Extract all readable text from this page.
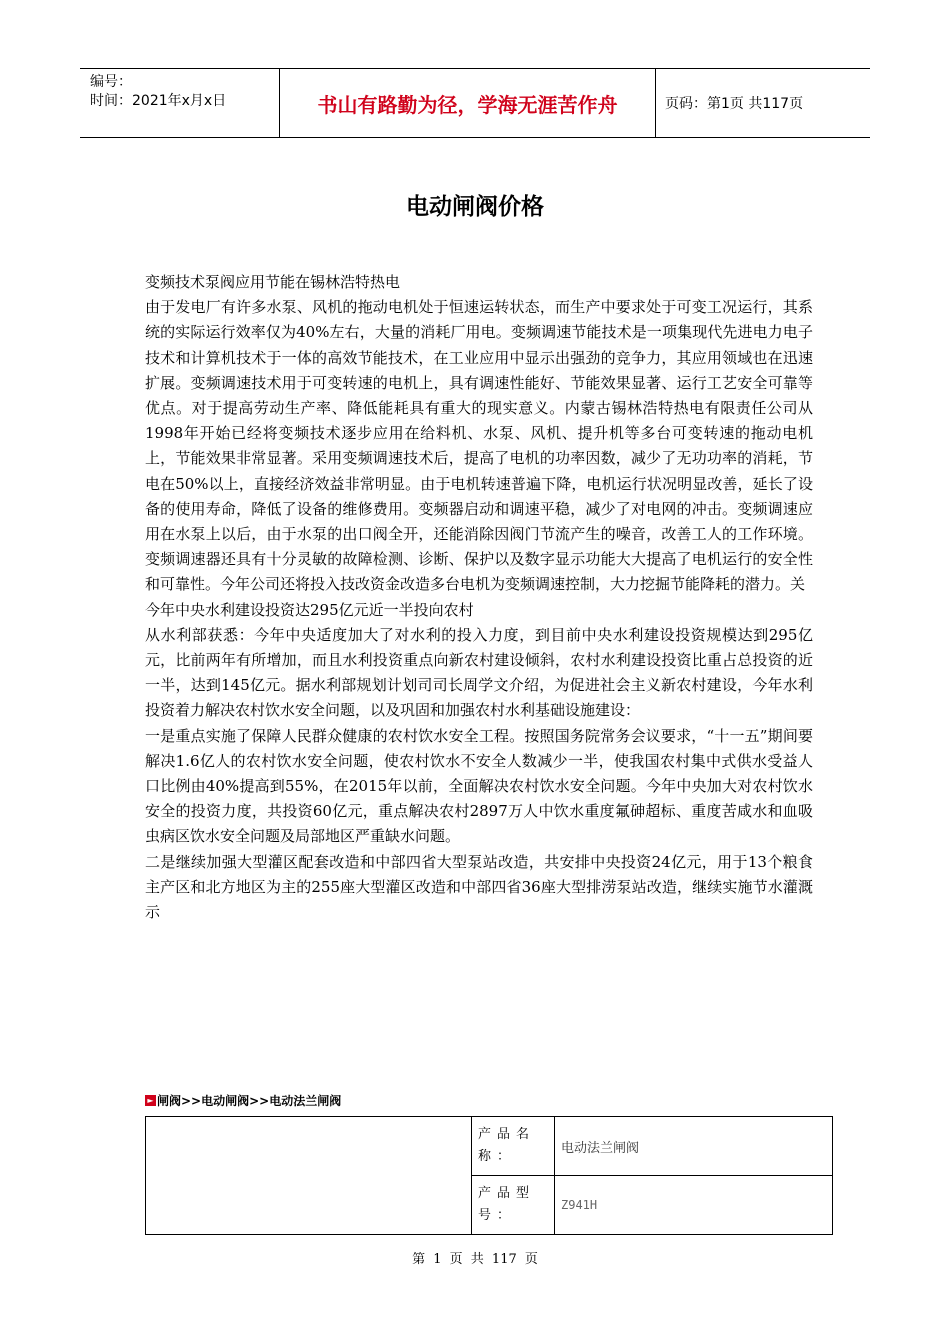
编号：
时间：2021年x月x日	书山有路勤为径，学海无涯苦作舟	页码：第1页 共117页
电动闸阀价格

变频技术泵阀应用节能在锡林浩特热电

由于发电厂有许多水泵、风机的拖动电机处于恒速运转状态，而生产中要求处于可变工况运行，其系统的实际运行效率仅为40%左右，大量的消耗厂用电。变频调速节能技术是一项集现代先进电力电子技术和计算机技术于一体的高效节能技术，在工业应用中显示出强劲的竞争力，其应用领域也在迅速扩展。变频调速技术用于可变转速的电机上，具有调速性能好、节能效果显著、运行工艺安全可靠等优点。对于提高劳动生产率、降低能耗具有重大的现实意义。内蒙古锡林浩特热电有限责任公司从1998年开始已经将变频技术逐步应用在给料机、水泵、风机、提升机等多台可变转速的拖动电机上，节能效果非常显著。采用变频调速技术后，提高了电机的功率因数，减少了无功功率的消耗，节电在50%以上，直接经济效益非常明显。由于电机转速普遍下降，电机运行状况明显改善，延长了设备的使用寿命，降低了设备的维修费用。变频器启动和调速平稳，减少了对电网的冲击。变频调速应用在水泵上以后，由于水泵的出口阀全开，还能消除因阀门节流产生的噪音，改善工人的工作环境。变频调速器还具有十分灵敏的故障检测、诊断、保护以及数字显示功能大大提高了电机运行的安全性和可靠性。今年公司还将投入技改资金改造多台电机为变频调速控制，大力挖掘节能降耗的潜力。关

今年中央水利建设投资达295亿元近一半投向农村

从水利部获悉：今年中央适度加大了对水利的投入力度，到目前中央水利建设投资规模达到295亿元，比前两年有所增加，而且水利投资重点向新农村建设倾斜，农村水利建设投资比重占总投资的近一半，达到145亿元。据水利部规划计划司司长周学文介绍，为促进社会主义新农村建设，今年水利投资着力解决农村饮水安全问题，以及巩固和加强农村水利基础设施建设：

一是重点实施了保障人民群众健康的农村饮水安全工程。按照国务院常务会议要求，“十一五”期间要解决1.6亿人的农村饮水安全问题，使农村饮水不安全人数减少一半，使我国农村集中式供水受益人口比例由40%提高到55%，在2015年以前，全面解决农村饮水安全问题。今年中央加大对农村饮水安全的投资力度，共投资60亿元，重点解决农村2897万人中饮水重度氟砷超标、重度苦咸水和血吸虫病区饮水安全问题及局部地区严重缺水问题。

二是继续加强大型灌区配套改造和中部四省大型泵站改造，共安排中央投资24亿元，用于13个粮食主产区和北方地区为主的255座大型灌区改造和中部四省36座大型排涝泵站改造，继续实施节水灌溉示

► 闸阀>>电动闸阀>>电动法兰闸阀
	产品名称：	电动法兰闸阀
	产品型号：	Z941H
第 1 页 共 117 页
